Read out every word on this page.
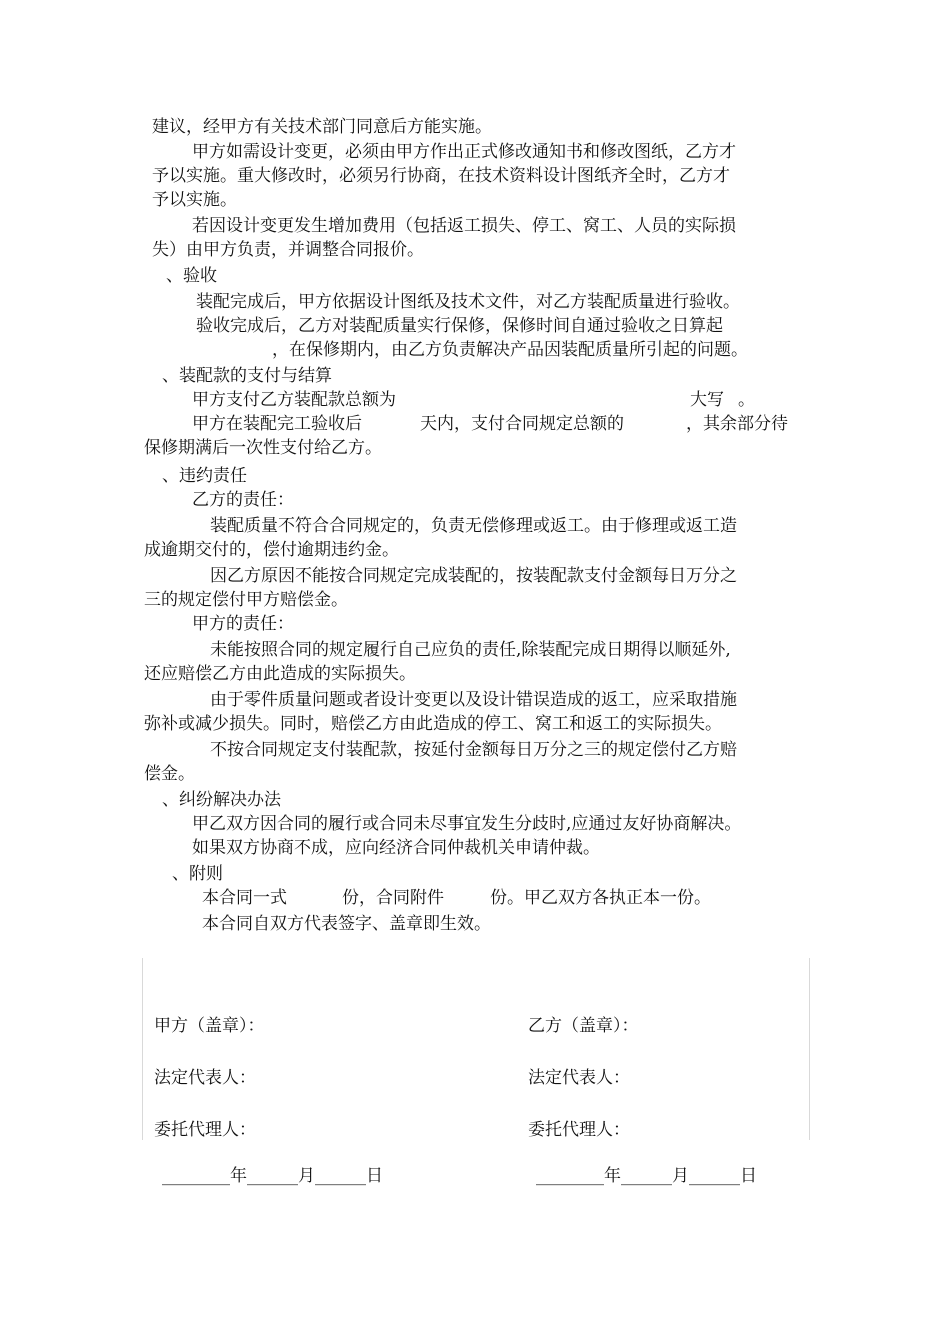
建议，经甲方有关技术部门同意后方能实施。
甲方如需设计变更，必须由甲方作出正式修改通知书和修改图纸，乙方才
予以实施。重大修改时，必须另行协商，在技术资料设计图纸齐全时，乙方才
予以实施。
若因设计变更发生增加费用（包括返工损失、停工、窝工、人员的实际损
失）由甲方负责，并调整合同报价。
、验收
装配完成后，甲方依据设计图纸及技术文件，对乙方装配质量进行验收。
验收完成后，乙方对装配质量实行保修，保修时间自通过验收之日算起
，在保修期内，由乙方负责解决产品因装配质量所引起的问题。
、装配款的支付与结算
甲方支付乙方装配款总额为	大写 。
甲方在装配完工验收后	天内，支付合同规定总额的	，其余部分待
保修期满后一次性支付给乙方。
、违约责任
乙方的责任：
装配质量不符合合同规定的，负责无偿修理或返工。由于修理或返工造
成逾期交付的，偿付逾期违约金。
因乙方原因不能按合同规定完成装配的，按装配款支付金额每日万分之
三的规定偿付甲方赔偿金。
甲方的责任：
未能按照合同的规定履行自己应负的责任,除装配完成日期得以顺延外,
还应赔偿乙方由此造成的实际损失。
由于零件质量问题或者设计变更以及设计错误造成的返工，应采取措施
弥补或减少损失。同时，赔偿乙方由此造成的停工、窝工和返工的实际损失。
不按合同规定支付装配款，按延付金额每日万分之三的规定偿付乙方赔
偿金。
、纠纷解决办法
甲乙双方因合同的履行或合同未尽事宜发生分歧时,应通过友好协商解决。
如果双方协商不成，应向经济合同仲裁机关申请仲裁。
、附则
本合同一式	份，合同附件	份。甲乙双方各执正本一份。
本合同自双方代表签字、盖章即生效。
甲方（盖章）：	乙方（盖章）：
法定代表人：	法定代表人：
委托代理人：	委托代理人：
________年______月______日	________年______月______日
